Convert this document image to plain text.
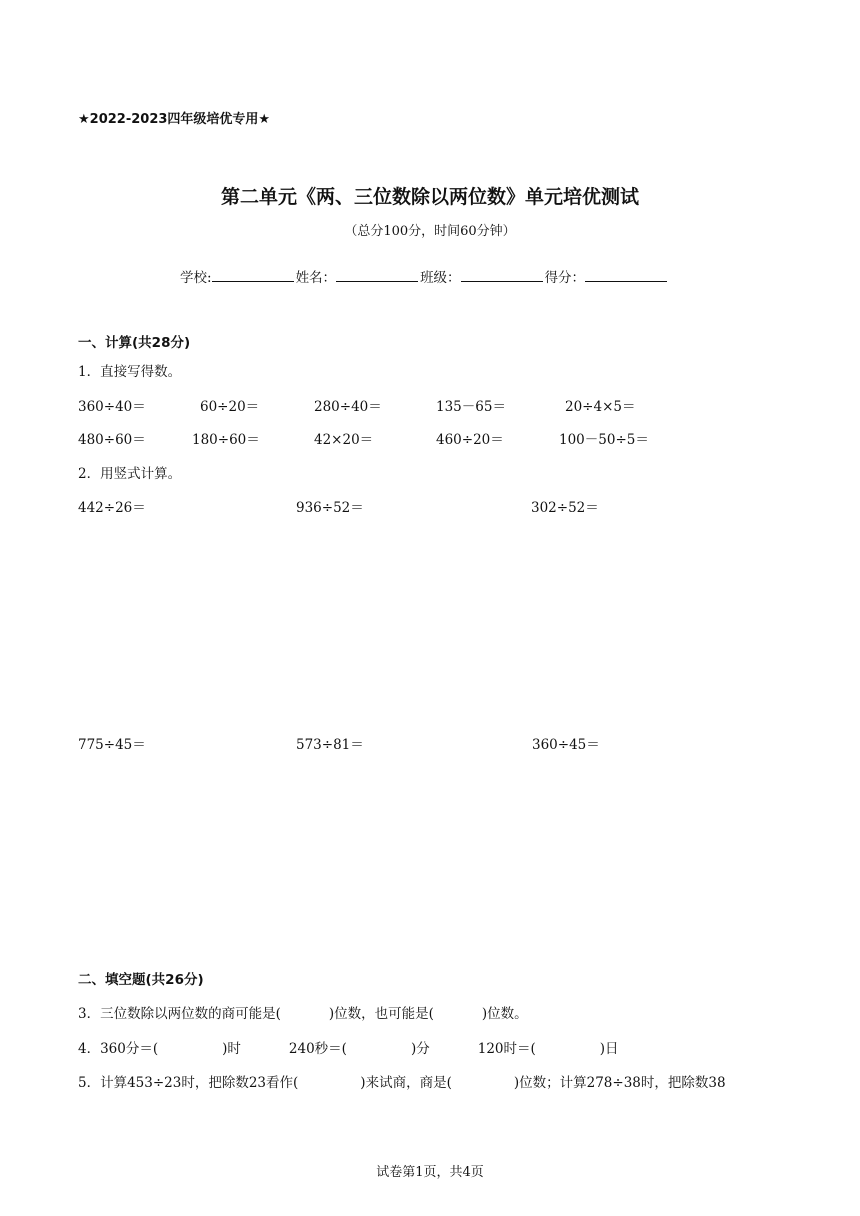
★2022-2023四年级培优专用★
第二单元《两、三位数除以两位数》单元培优测试
（总分100分，时间60分钟）
学校:	姓名：	班级：	得分：
一、计算(共28分)
1．直接写得数。
360÷40＝	60÷20＝	280÷40＝	135－65＝	20÷4×5＝
480÷60＝	180÷60＝	42×20＝	460÷20＝	100－50÷5＝
2．用竖式计算。
442÷26＝	936÷52＝	302÷52＝
775÷45＝	573÷81＝	360÷45＝
二、填空题(共26分)
3．三位数除以两位数的商可能是(	)位数，也可能是(	)位数。
4．360分＝(	)时	240秒＝(	)分	120时＝(	)日
5．计算453÷23时，把除数23看作(	)来试商，商是(	)位数；计算278÷38时，把除数38
试卷第1页，共4页
